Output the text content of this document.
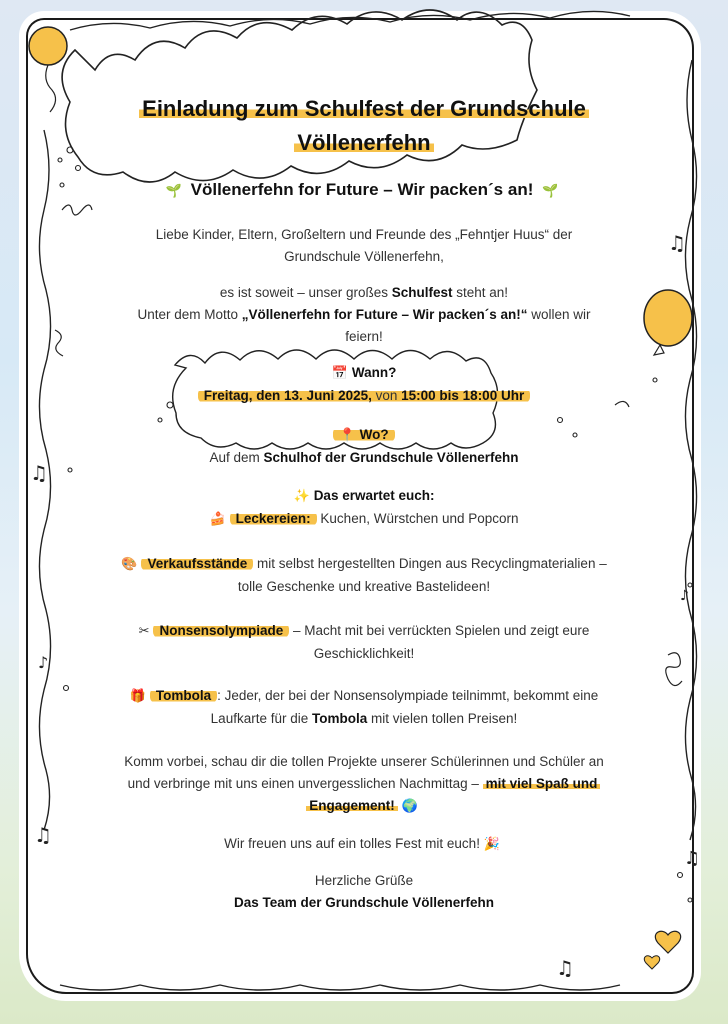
♫
♫
♪
♫
♫
♫
♪
Einladung zum Schulfest der Grundschule
Völlenerfehn
🌱 Völlenerfehn for Future – Wir packen´s an! 🌱
Liebe Kinder, Eltern, Großeltern und Freunde des „Fehntjer Huus“ der
Grundschule Völlenerfehn,
es ist soweit – unser großes Schulfest steht an!
Unter dem Motto „Völlenerfehn for Future – Wir packen´s an!“ wollen wir
feiern!
📅 Wann?
Freitag, den 13. Juni 2025, von 15:00 bis 18:00 Uhr
📍 Wo?
Auf dem Schulhof der Grundschule Völlenerfehn
✨ Das erwartet euch:
🍰 Leckereien: Kuchen, Würstchen und Popcorn
🎨 Verkaufsstände mit selbst hergestellten Dingen aus Recyclingmaterialien –
tolle Geschenke und kreative Bastelideen!
✂ Nonsensolympiade – Macht mit bei verrückten Spielen und zeigt eure
Geschicklichkeit!
🎁 Tombola : Jeder, der bei der Nonsensolympiade teilnimmt, bekommt eine
Laufkarte für die Tombola mit vielen tollen Preisen!
Komm vorbei, schau dir die tollen Projekte unserer Schülerinnen und Schüler an
und verbringe mit uns einen unvergesslichen Nachmittag – mit viel Spaß und
Engagement! 🌍
Wir freuen uns auf ein tolles Fest mit euch! 🎉
Herzliche Grüße
Das Team der Grundschule Völlenerfehn
